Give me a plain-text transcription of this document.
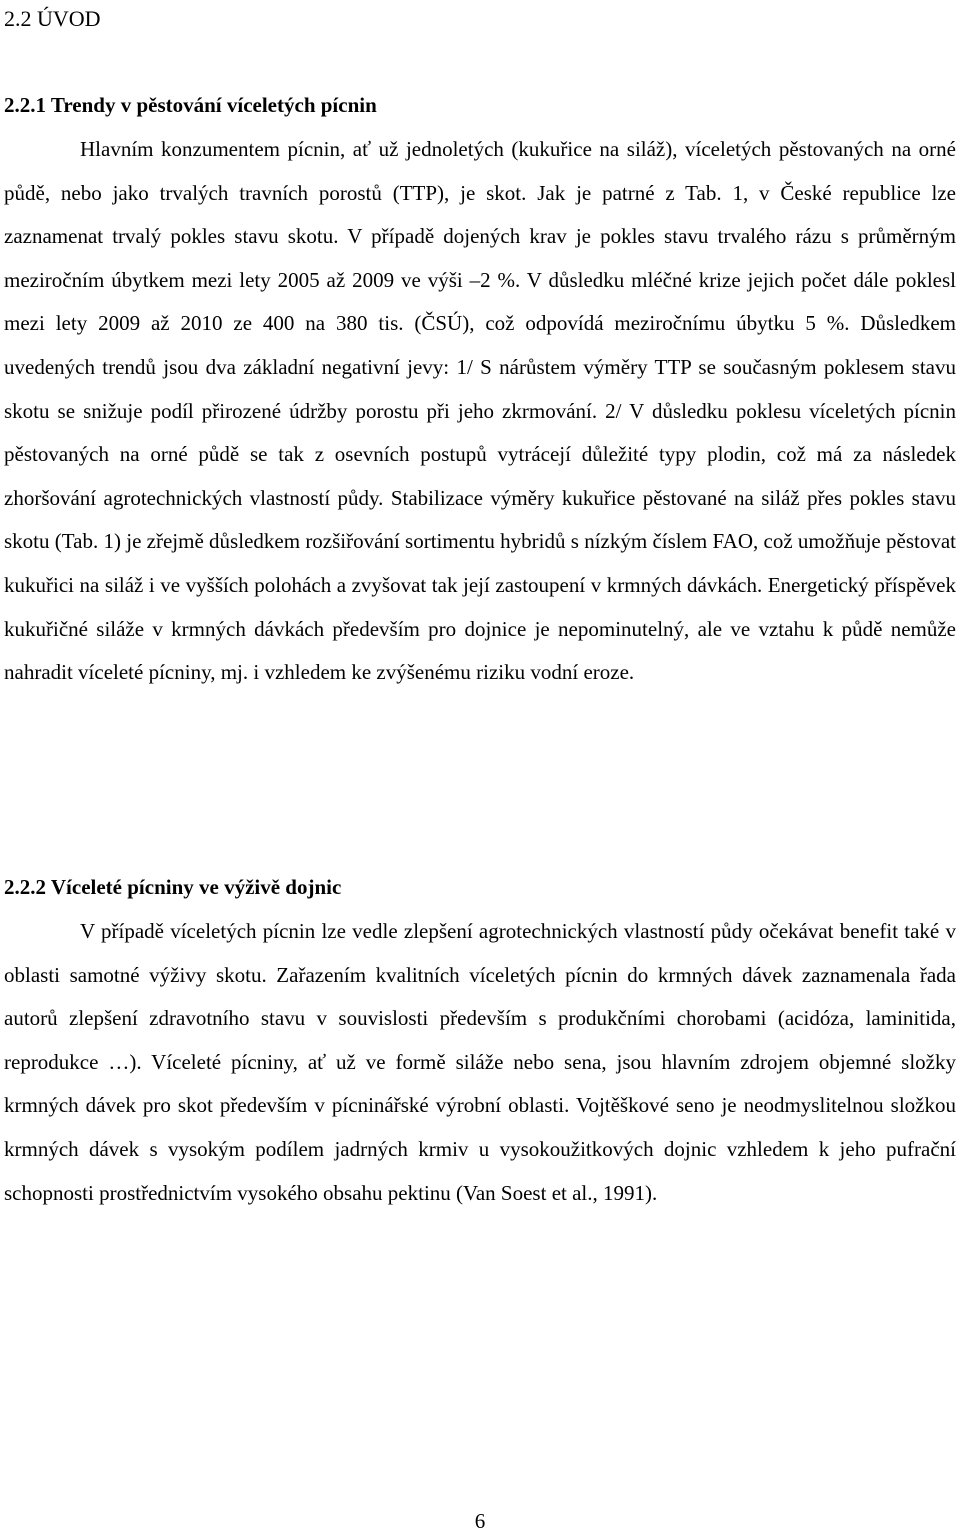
2.2 ÚVOD
2.2.1 Trendy v pěstování víceletých pícnin

Hlavním konzumentem pícnin, ať už jednoletých (kukuřice na siláž), víceletých pěstovaných na orné půdě, nebo jako trvalých travních porostů (TTP), je skot. Jak je patrné z Tab. 1, v České republice lze zaznamenat trvalý pokles stavu skotu. V případě dojených krav je pokles stavu trvalého rázu s průměrným meziročním úbytkem mezi lety 2005 až 2009 ve výši –2 %. V důsledku mléčné krize jejich počet dále poklesl mezi lety 2009 až 2010 ze 400 na 380 tis. (ČSÚ), což odpovídá meziročnímu úbytku 5 %. Důsledkem uvedených trendů jsou dva základní negativní jevy: 1/ S nárůstem výměry TTP se současným poklesem stavu skotu se snižuje podíl přirozené údržby porostu při jeho zkrmování. 2/ V důsledku poklesu víceletých pícnin pěstovaných na orné půdě se tak z osevních postupů vytrácejí důležité typy plodin, což má za následek zhoršování agrotechnických vlastností půdy. Stabilizace výměry kukuřice pěstované na siláž přes pokles stavu skotu (Tab. 1) je zřejmě důsledkem rozšiřování sortimentu hybridů s nízkým číslem FAO, což umožňuje pěstovat kukuřici na siláž i ve vyšších polohách a zvyšovat tak její zastoupení v krmných dávkách. Energetický příspěvek kukuřičné siláže v krmných dávkách především pro dojnice je nepominutelný, ale ve vztahu k půdě nemůže nahradit víceleté pícniny, mj. i vzhledem ke zvýšenému riziku vodní eroze.

2.2.2 Víceleté pícniny ve výživě dojnic

V případě víceletých pícnin lze vedle zlepšení agrotechnických vlastností půdy očekávat benefit také v oblasti samotné výživy skotu. Zařazením kvalitních víceletých pícnin do krmných dávek zaznamenala řada autorů zlepšení zdravotního stavu v souvislosti především s produkčními chorobami (acidóza, laminitida, reprodukce …). Víceleté pícniny, ať už ve formě siláže nebo sena, jsou hlavním zdrojem objemné složky krmných dávek pro skot především v pícninářské výrobní oblasti. Vojtěškové seno je neodmyslitelnou složkou krmných dávek s vysokým podílem jadrných krmiv u vysokoužitkových dojnic vzhledem k jeho pufrační schopnosti prostřednictvím vysokého obsahu pektinu (Van Soest et al., 1991).

6
